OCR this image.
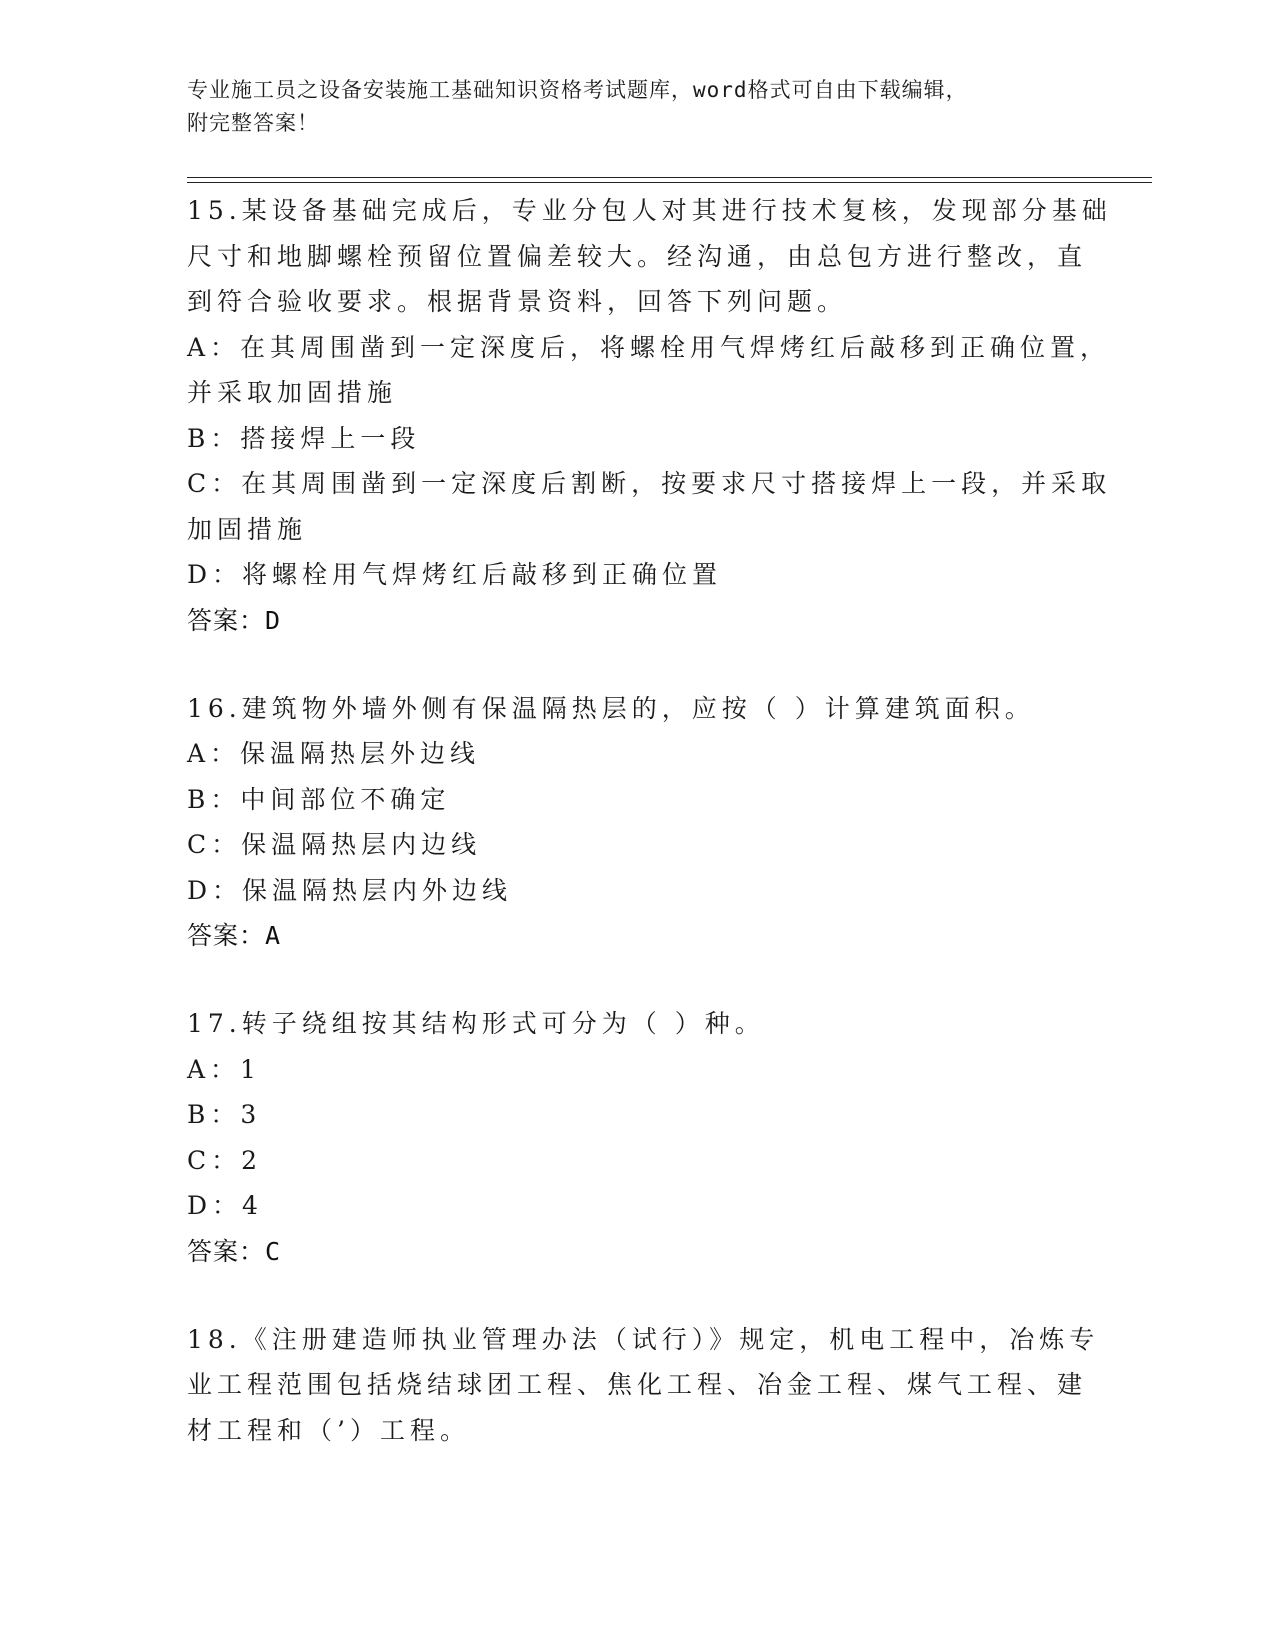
专业施工员之设备安装施工基础知识资格考试题库，word格式可自由下载编辑，
附完整答案！
15.某设备基础完成后，专业分包人对其进行技术复核，发现部分基础
尺寸和地脚螺栓预留位置偏差较大。经沟通，由总包方进行整改，直
到符合验收要求。根据背景资料，回答下列问题。
A：在其周围凿到一定深度后，将螺栓用气焊烤红后敲移到正确位置，
并采取加固措施
B：搭接焊上一段
C：在其周围凿到一定深度后割断，按要求尺寸搭接焊上一段，并采取
加固措施
D：将螺栓用气焊烤红后敲移到正确位置
答案：D
16.建筑物外墙外侧有保温隔热层的，应按（ ）计算建筑面积。
A：保温隔热层外边线
B：中间部位不确定
C：保温隔热层内边线
D：保温隔热层内外边线
答案：A
17.转子绕组按其结构形式可分为（ ）种。
A：1
B：3
C：2
D：4
答案：C
18.《注册建造师执业管理办法（试行）》规定，机电工程中，冶炼专
业工程范围包括烧结球团工程、焦化工程、冶金工程、煤气工程、建
材工程和（’）工程。
